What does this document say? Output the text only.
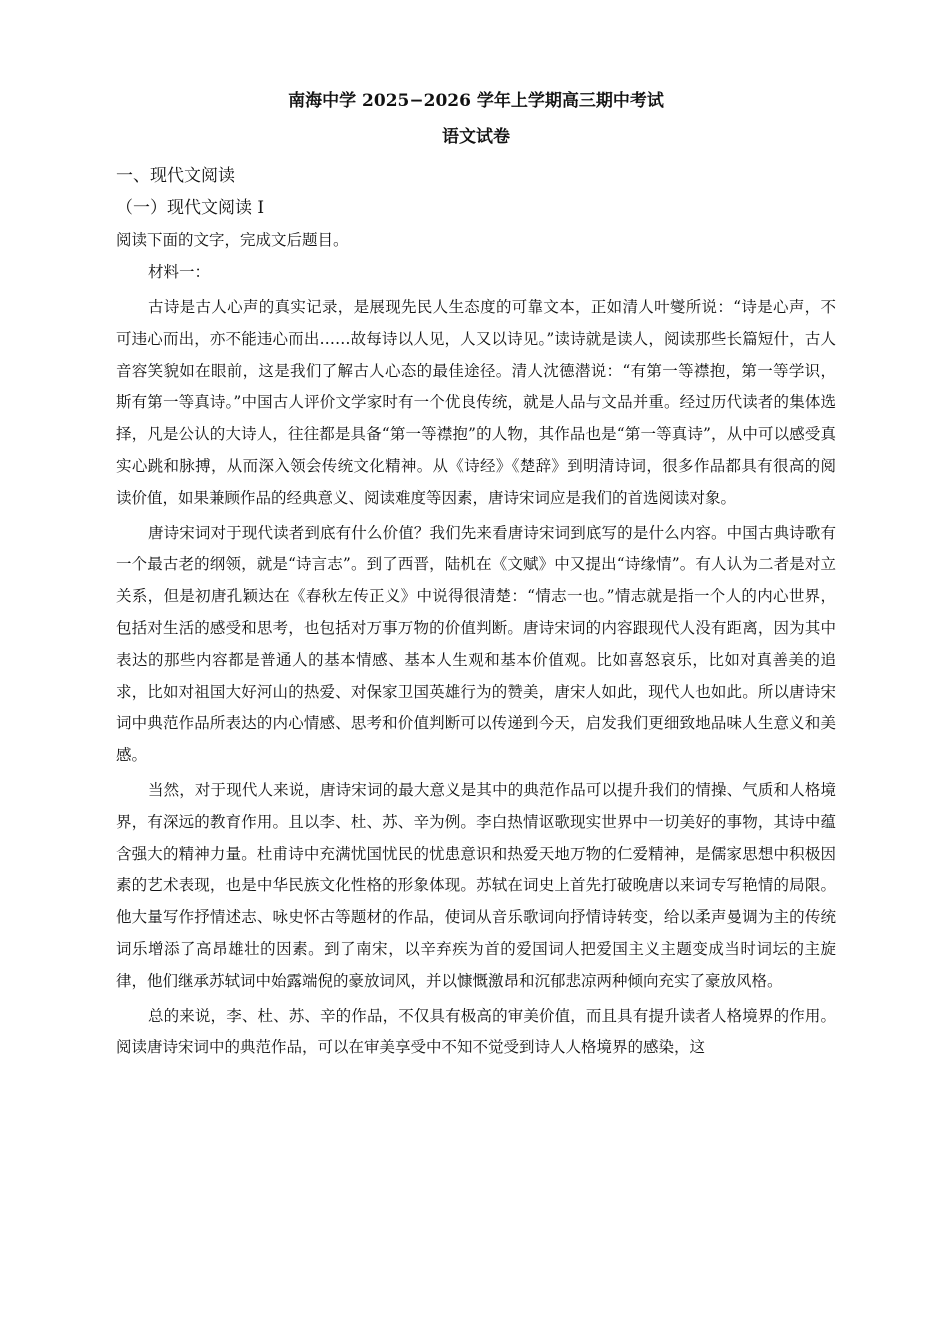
南海中学 2025−2026 学年上学期高三期中考试

语文试卷

一、现代文阅读

（一）现代文阅读 I

阅读下面的文字，完成文后题目。

材料一：

古诗是古人心声的真实记录，是展现先民人生态度的可靠文本，正如清人叶燮所说：“诗是心声，不可违心而出，亦不能违心而出……故每诗以人见，人又以诗见。”读诗就是读人，阅读那些长篇短什，古人音容笑貌如在眼前，这是我们了解古人心态的最佳途径。清人沈德潜说：“有第一等襟抱，第一等学识，斯有第一等真诗。”中国古人评价文学家时有一个优良传统，就是人品与文品并重。经过历代读者的集体选择，凡是公认的大诗人，往往都是具备“第一等襟抱”的人物，其作品也是“第一等真诗”，从中可以感受真实心跳和脉搏，从而深入领会传统文化精神。从《诗经》《楚辞》到明清诗词，很多作品都具有很高的阅读价值，如果兼顾作品的经典意义、阅读难度等因素，唐诗宋词应是我们的首选阅读对象。

唐诗宋词对于现代读者到底有什么价值？我们先来看唐诗宋词到底写的是什么内容。中国古典诗歌有一个最古老的纲领，就是“诗言志”。到了西晋，陆机在《文赋》中又提出“诗缘情”。有人认为二者是对立关系，但是初唐孔颖达在《春秋左传正义》中说得很清楚：“情志一也。”情志就是指一个人的内心世界，包括对生活的感受和思考，也包括对万事万物的价值判断。唐诗宋词的内容跟现代人没有距离，因为其中表达的那些内容都是普通人的基本情感、基本人生观和基本价值观。比如喜怒哀乐，比如对真善美的追求，比如对祖国大好河山的热爱、对保家卫国英雄行为的赞美，唐宋人如此，现代人也如此。所以唐诗宋词中典范作品所表达的内心情感、思考和价值判断可以传递到今天，启发我们更细致地品味人生意义和美感。

当然，对于现代人来说，唐诗宋词的最大意义是其中的典范作品可以提升我们的情操、气质和人格境界，有深远的教育作用。且以李、杜、苏、辛为例。李白热情讴歌现实世界中一切美好的事物，其诗中蕴含强大的精神力量。杜甫诗中充满忧国忧民的忧患意识和热爱天地万物的仁爱精神，是儒家思想中积极因素的艺术表现，也是中华民族文化性格的形象体现。苏轼在词史上首先打破晚唐以来词专写艳情的局限。他大量写作抒情述志、咏史怀古等题材的作品，使词从音乐歌词向抒情诗转变，给以柔声曼调为主的传统词乐增添了高昂雄壮的因素。到了南宋，以辛弃疾为首的爱国词人把爱国主义主题变成当时词坛的主旋律，他们继承苏轼词中始露端倪的豪放词风，并以慷慨激昂和沉郁悲凉两种倾向充实了豪放风格。

总的来说，李、杜、苏、辛的作品，不仅具有极高的审美价值，而且具有提升读者人格境界的作用。阅读唐诗宋词中的典范作品，可以在审美享受中不知不觉受到诗人人格境界的感染，这
